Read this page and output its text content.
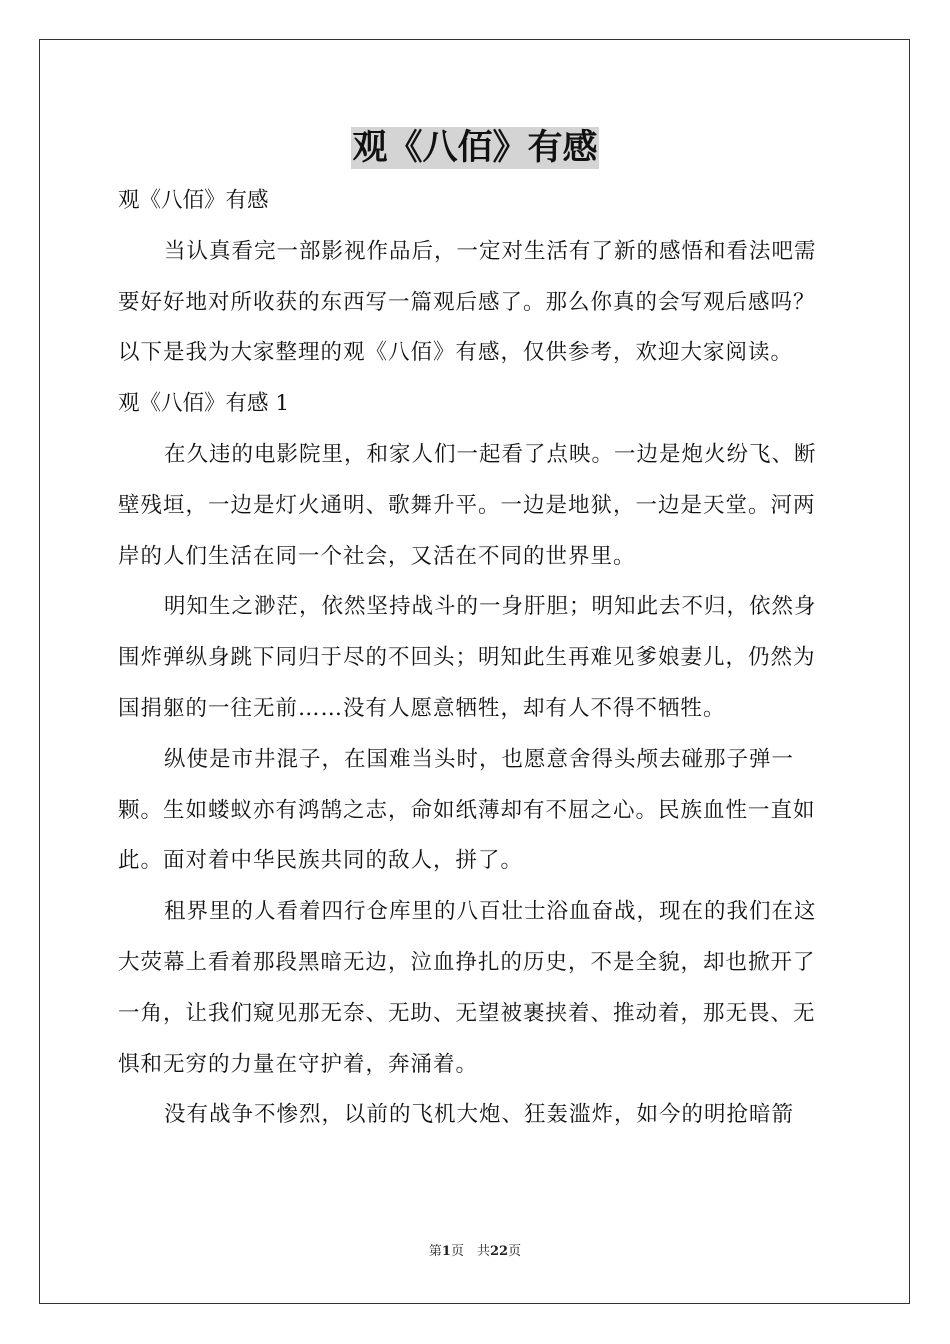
观《八佰》有感

观《八佰》有感

当认真看完一部影视作品后，一定对生活有了新的感悟和看法吧需要好好地对所收获的东西写一篇观后感了。那么你真的会写观后感吗？以下是我为大家整理的观《八佰》有感，仅供参考，欢迎大家阅读。

观《八佰》有感 1

在久违的电影院里，和家人们一起看了点映。一边是炮火纷飞、断壁残垣，一边是灯火通明、歌舞升平。一边是地狱，一边是天堂。河两岸的人们生活在同一个社会，又活在不同的世界里。

明知生之渺茫，依然坚持战斗的一身肝胆；明知此去不归，依然身围炸弹纵身跳下同归于尽的不回头；明知此生再难见爹娘妻儿，仍然为国捐躯的一往无前……没有人愿意牺牲，却有人不得不牺牲。

纵使是市井混子，在国难当头时，也愿意舍得头颅去碰那子弹一颗。生如蝼蚁亦有鸿鹄之志，命如纸薄却有不屈之心。民族血性一直如此。面对着中华民族共同的敌人，拼了。

租界里的人看着四行仓库里的八百壮士浴血奋战，现在的我们在这大荧幕上看着那段黑暗无边，泣血挣扎的历史，不是全貌，却也掀开了一角，让我们窥见那无奈、无助、无望被裹挟着、推动着，那无畏、无惧和无穷的力量在守护着，奔涌着。

没有战争不惨烈，以前的飞机大炮、狂轰滥炸，如今的明抢暗箭

第1页　共22页
